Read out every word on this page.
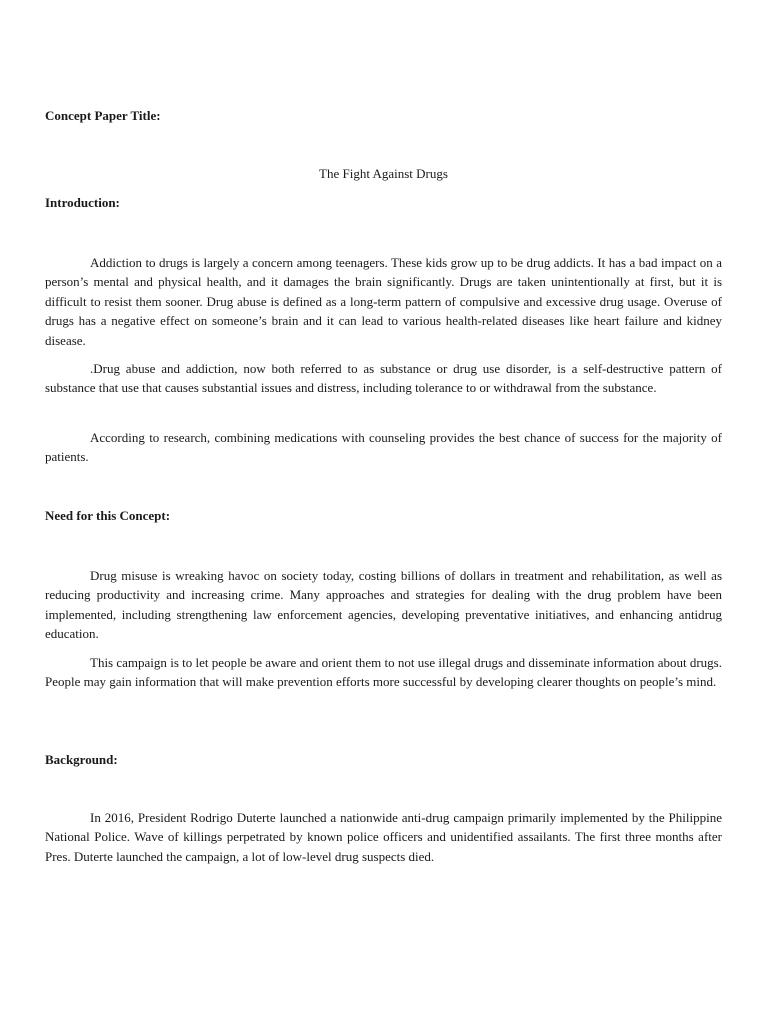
Concept Paper Title:

The Fight Against Drugs

Introduction:

Addiction to drugs is largely a concern among teenagers. These kids grow up to be drug addicts. It has a bad impact on a person’s mental and physical health, and it damages the brain significantly. Drugs are taken unintentionally at first, but it is difficult to resist them sooner. Drug abuse is defined as a long-term pattern of compulsive and excessive drug usage. Overuse of drugs has a negative effect on someone’s brain and it can lead to various health-related diseases like heart failure and kidney disease.

.Drug abuse and addiction, now both referred to as substance or drug use disorder, is a self-destructive pattern of substance that use that causes substantial issues and distress, including tolerance to or withdrawal from the substance.

According to research, combining medications with counseling provides the best chance of success for the majority of patients.

Need for this Concept:

Drug misuse is wreaking havoc on society today, costing billions of dollars in treatment and rehabilitation, as well as reducing productivity and increasing crime. Many approaches and strategies for dealing with the drug problem have been implemented, including strengthening law enforcement agencies, developing preventative initiatives, and enhancing antidrug education.

This campaign is to let people be aware and orient them to not use illegal drugs and disseminate information about drugs. People may gain information that will make prevention efforts more successful by developing clearer thoughts on people’s mind.

Background:

In 2016, President Rodrigo Duterte launched a nationwide anti-drug campaign primarily implemented by the Philippine National Police. Wave of killings perpetrated by known police officers and unidentified assailants. The first three months after Pres. Duterte launched the campaign, a lot of low-level drug suspects died.
